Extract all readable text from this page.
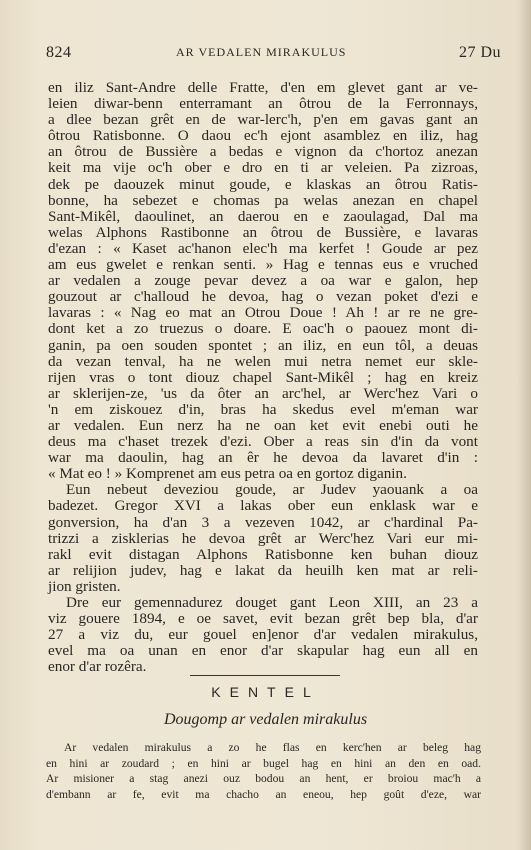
824	AR VEDALEN MIRAKULUS	27 Du
en iliz Sant-Andre delle Fratte, d'en em glevet gant ar ve-
leien diwar-benn enterramant an ôtrou de la Ferronnays,
a dlee bezan grêt en de war-lerc'h, p'en em gavas gant an
ôtrou Ratisbonne. O daou ec'h ejont asamblez en iliz, hag
an ôtrou de Bussière a bedas e vignon da c'hortoz anezan
keit ma vije oc'h ober e dro en ti ar veleien. Pa zizroas,
dek pe daouzek minut goude, e klaskas an ôtrou Ratis-
bonne, ha sebezet e chomas pa welas anezan en chapel
Sant-Mikêl, daoulinet, an daerou en e zaoulagad, Dal ma
welas Alphons Rastibonne an ôtrou de Bussière, e lavaras
d'ezan : « Kaset ac'hanon elec'h ma kerfet ! Goude ar pez
am eus gwelet e renkan senti. » Hag e tennas eus e vruched
ar vedalen a zouge pevar devez a oa war e galon, hep
gouzout ar c'halloud he devoa, hag o vezan poket d'ezi e
lavaras : « Nag eo mat an Otrou Doue ! Ah ! ar re ne gre-
dont ket a zo truezus o doare. E oac'h o paouez mont di-
ganin, pa oen souden spontet ; an iliz, en eun tôl, a deuas
da vezan tenval, ha ne welen mui netra nemet eur skle-
rijen vras o tont diouz chapel Sant-Mikêl ; hag en kreiz
ar sklerijen-ze, 'us da ôter an arc'hel, ar Werc'hez Vari o
'n em ziskouez d'in, bras ha skedus evel m'eman war
ar vedalen. Eun nerz ha ne oan ket evit enebi outi he
deus ma c'haset trezek d'ezi. Ober a reas sin d'in da vont
war ma daoulin, hag an êr he devoa da lavaret d'in :
« Mat eo ! » Komprenet am eus petra oa en gortoz diganin.
Eun nebeut deveziou goude, ar Judev yaouank a oa
badezet. Gregor XVI a lakas ober eun enklask war e
gonversion, ha d'an 3 a vezeven 1042, ar c'hardinal Pa-
trizzi a zisklerias he devoa grêt ar Werc'hez Vari eur mi-
rakl evit distagan Alphons Ratisbonne ken buhan diouz
ar relijion judev, hag e lakat da heuilh ken mat ar reli-
jion gristen.
Dre eur gemennadurez douget gant Leon XIII, an 23 a
viz gouere 1894, e oe savet, evit bezan grêt bep bla, d'ar
27 a viz du, eur gouel en]enor d'ar vedalen mirakulus,
evel ma oa unan en enor d'ar skapular hag eun all en
enor d'ar rozêra.
KENTEL
Dougomp ar vedalen mirakulus
Ar vedalen mirakulus a zo he flas en kerc'hen ar beleg hag
en hini ar zoudard ; en hini ar bugel hag en hini an den en oad.
Ar misioner a stag anezi ouz bodou an hent, er broiou mac'h a
d'embann ar fe, evit ma chacho an eneou, hep goût d'eze, war
